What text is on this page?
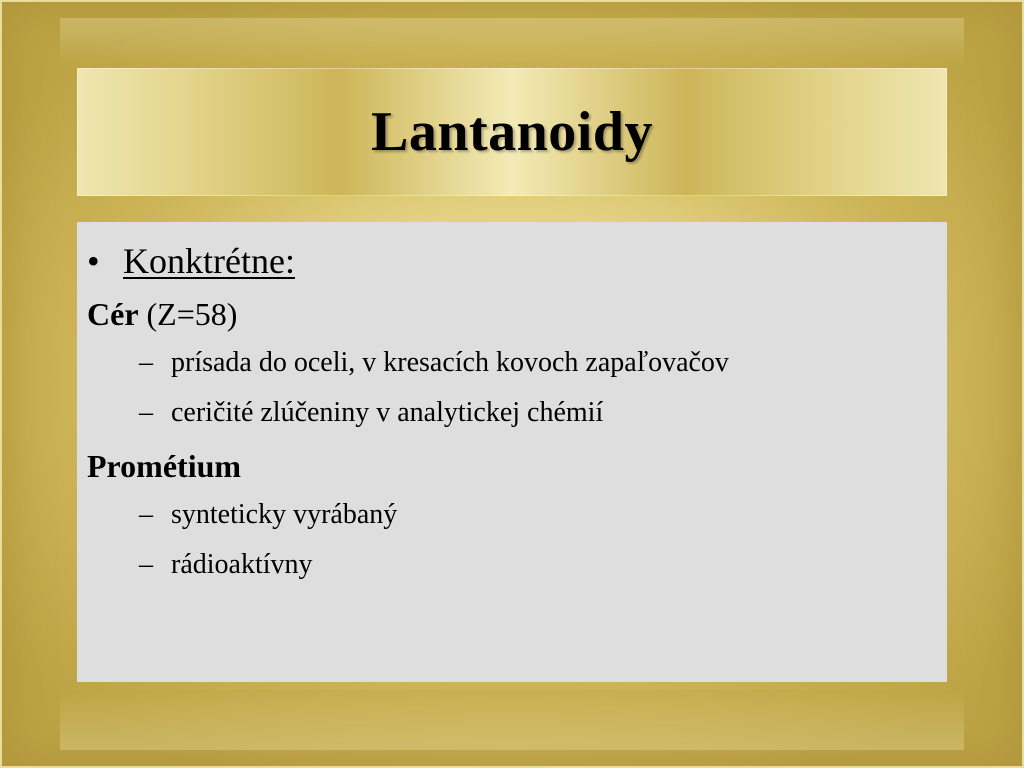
Lantanoidy
• Konktrétne:
Cér (Z=58)
– prísada do oceli, v kresacích kovoch zapaľovačov
– ceričité zlúčeniny v analytickej chémií
Prométium
– synteticky vyrábaný
– rádioaktívny
